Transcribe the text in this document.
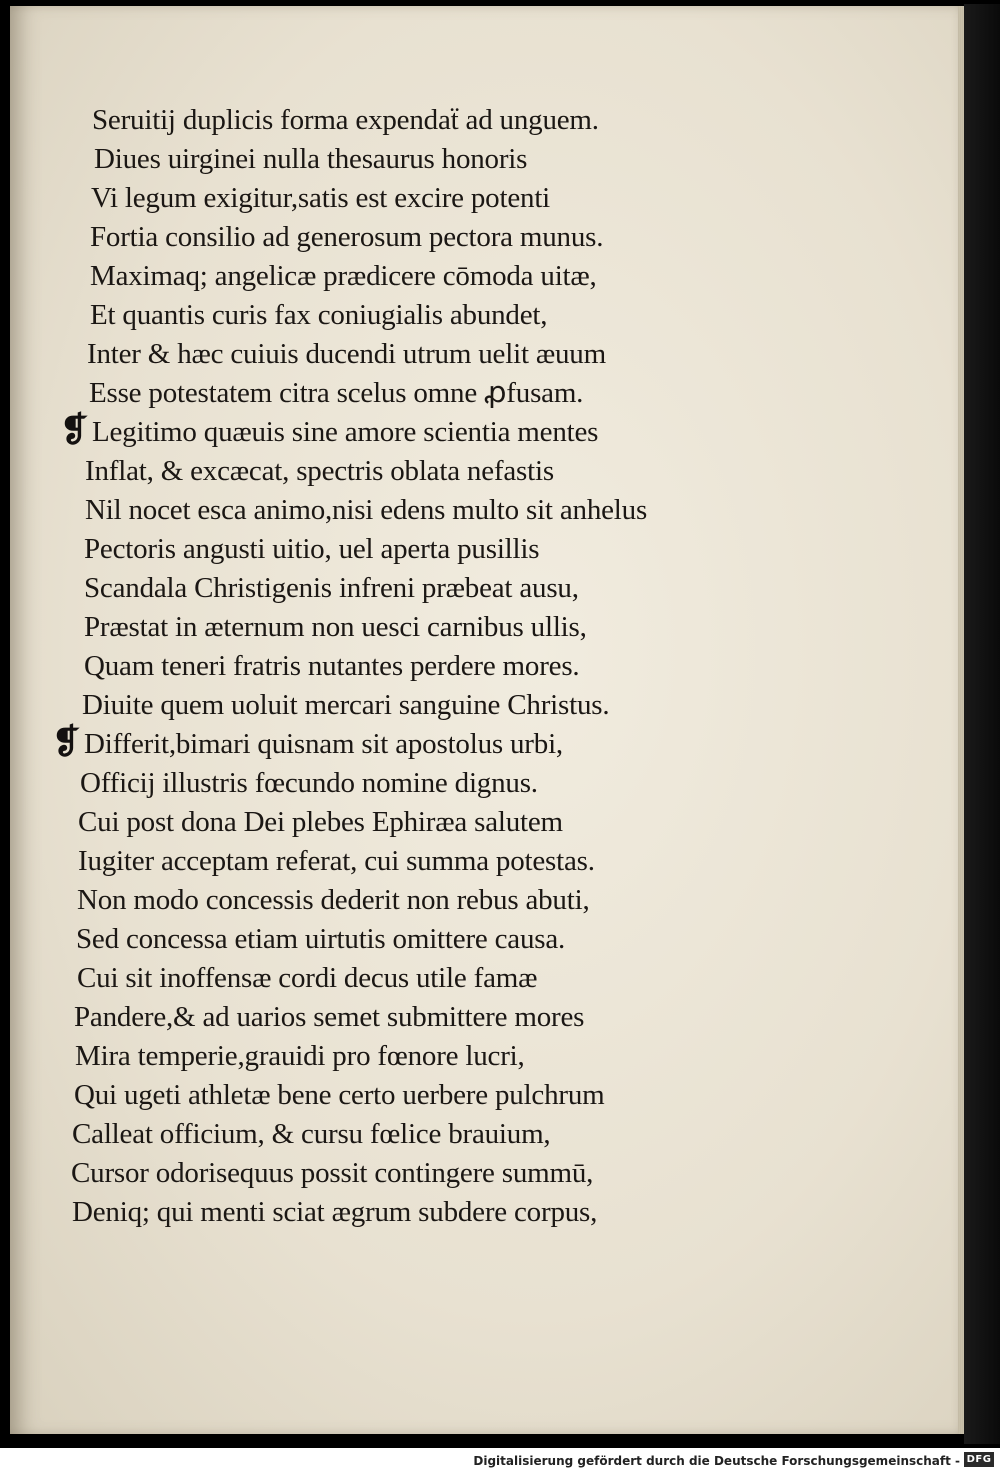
Seruitij duplicis forma expendaẗ ad unguem.
Diues uirginei nulla thesaurus honoris
Vi legum exigitur,satis est excire potenti
Fortia consilio ad generosum pectora munus.
Maximaq; angelicæ prædicere cōmoda uitæ,
Et quantis curis fax coniugialis abundet,
Inter & hæc cuiuis ducendi utrum uelit æuum
Esse potestatem citra scelus omne ꝓfusam.
❡ Legitimo quæuis sine amore scientia mentes
Inflat, & excæcat, spectris oblata nefastis
Nil nocet esca animo,nisi edens multo sit anhelus
Pectoris angusti uitio, uel aperta pusillis
Scandala Christigenis infreni præbeat ausu,
Præstat in æternum non uesci carnibus ullis,
Quam teneri fratris nutantes perdere mores.
Diuite quem uoluit mercari sanguine Christus.
❡ Differit,bimari quisnam sit apostolus urbi,
Officij illustris fœcundo nomine dignus.
Cui post dona Dei plebes Ephiræa salutem
Iugiter acceptam referat, cui summa potestas.
Non modo concessis dederit non rebus abuti,
Sed concessa etiam uirtutis omittere causa.
Cui sit inoffensæ cordi decus utile famæ
Pandere,& ad uarios semet submittere mores
Mira temperie,grauidi pro fœnore lucri,
Qui ugeti athletæ bene certo uerbere pulchrum
Calleat officium, & cursu fœlice brauium,
Cursor odorisequus possit contingere summū,
Deniq; qui menti sciat ægrum subdere corpus,
Digitalisierung gefördert durch die Deutsche Forschungsgemeinschaft - DFG
